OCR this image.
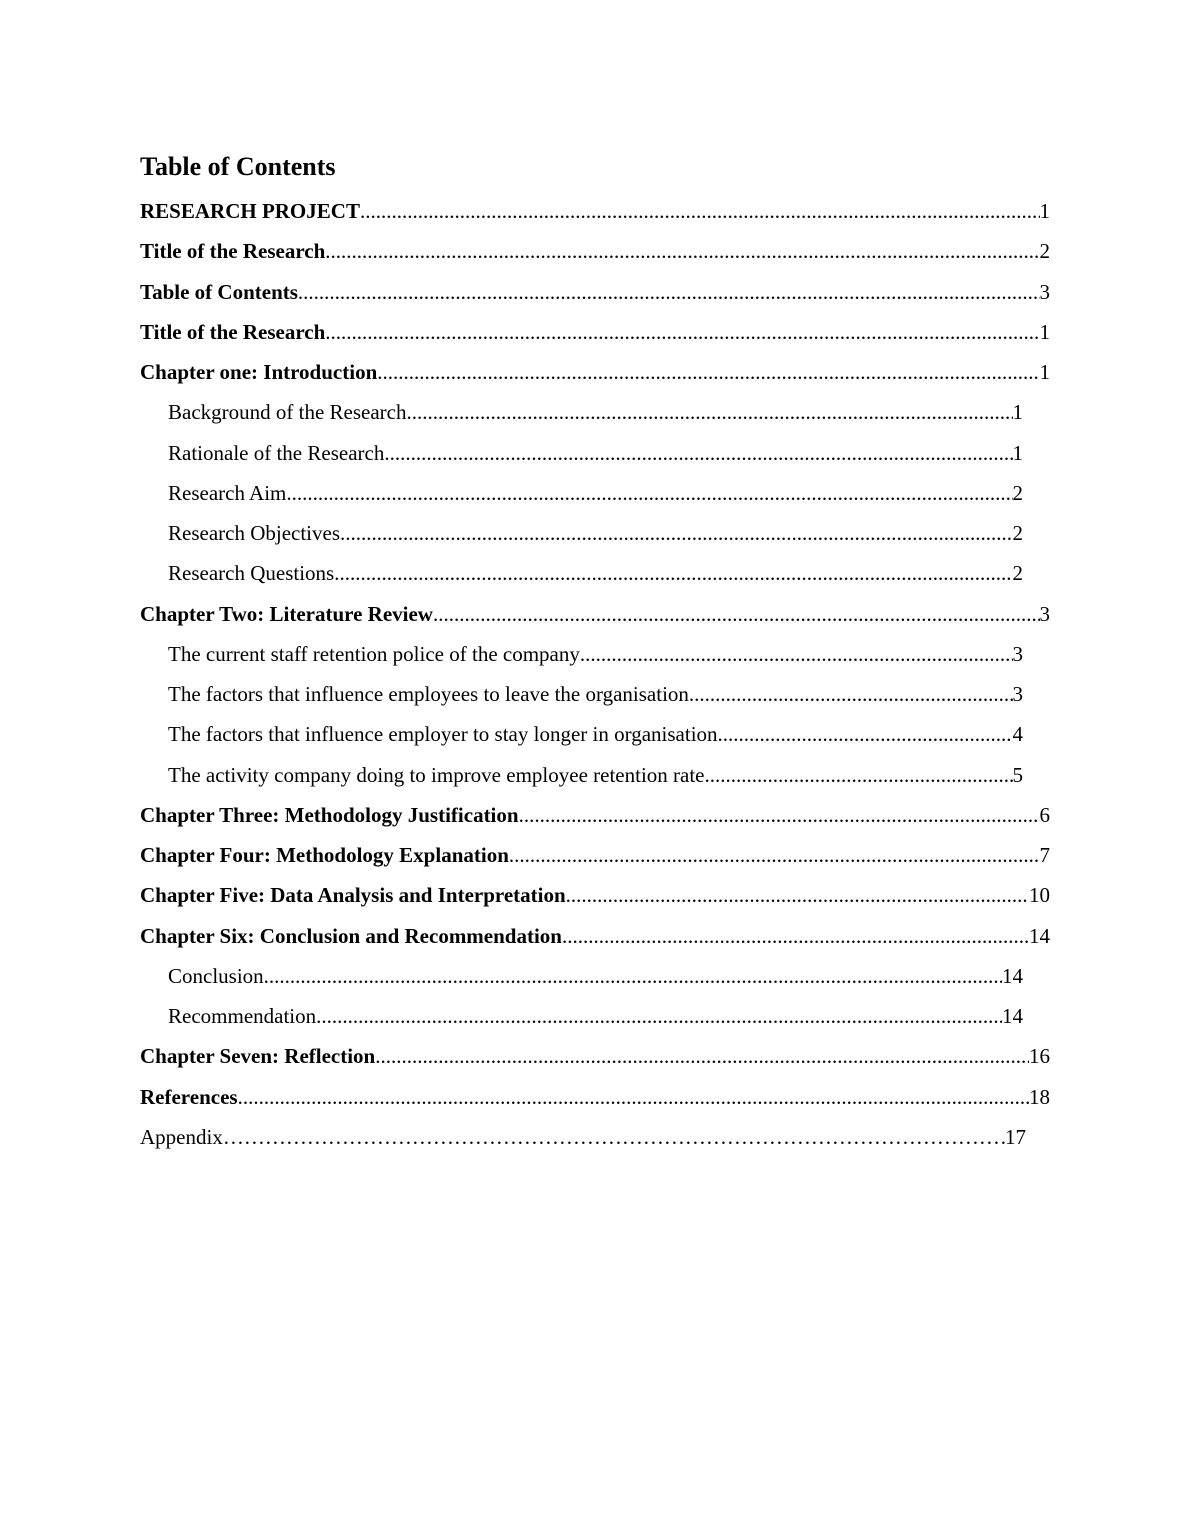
Table of Contents
RESEARCH PROJECT .....	1
Title of the Research .....	2
Table of Contents .....	3
Title of the Research .....	1
Chapter one: Introduction .....	1
Background of the Research .....	1
Rationale of the Research .....	1
Research Aim .....	2
Research Objectives .....	2
Research Questions .....	2
Chapter Two: Literature Review .....	3
The current staff retention police of the company .....	3
The factors that influence employees to leave the organisation .....	3
The factors that influence employer to stay longer in organisation .....	4
The activity company doing to improve employee retention rate .....	5
Chapter Three: Methodology Justification .....	6
Chapter Four: Methodology Explanation .....	7
Chapter Five: Data Analysis and Interpretation .....	10
Chapter Six: Conclusion and Recommendation .....	14
Conclusion .....	14
Recommendation .....	14
Chapter Seven: Reflection .....	16
References .....	18
Appendix ……………………………………………………………………………………………………………………………………………	17
